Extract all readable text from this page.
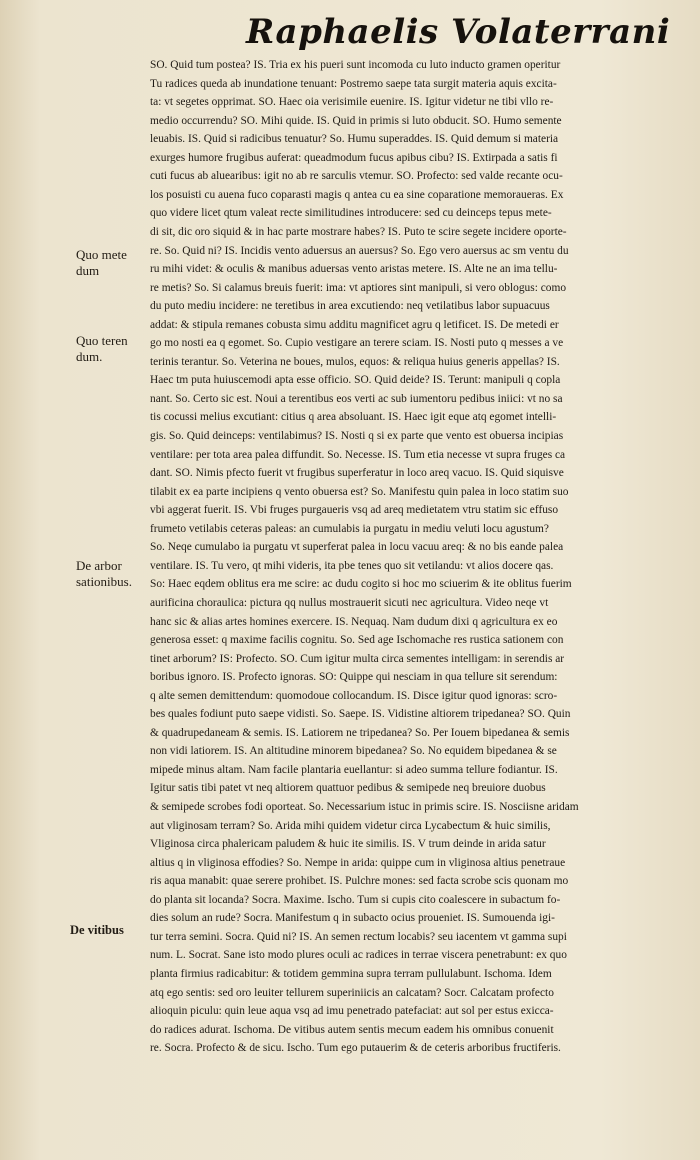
Raphaelis Volaterrani
Quo mete dum
Quo teren dum.
De arbor sationibus.
De vitibus
SO. Quid tum postea? IS. Tria ex his pueri sunt incomoda cu luto inducto gramen operitur
Tu radices queda ab inundatione tenuant: Postremo saepe tata surgit materia aquis excita-
ta: vt segetes opprimat. SO. Haec oia verisimile euenire. IS. Igitur videtur ne tibi vllo re-
medio occurrendu? SO. Mihi quide. IS. Quid in primis si luto obducit. SO. Humo semente
leuabis. IS. Quid si radicibus tenuatur? So. Humu superaddes. IS. Quid demum si materia
exurges humore frugibus auferat: queadmodum fucus apibus cibu? IS. Extirpada a satis fi
cuti fucus ab aluearibus: igit no ab re sarculis vtemur. SO. Profecto: sed valde recante ocu-
los posuisti cu auena fuco coparasti magis q antea cu ea sine coparatione memoraueras. Ex
quo videre licet qtum valeat recte similitudines introducere: sed cu deinceps tepus mete-
di sit, dic oro siquid & in hac parte mostrare habes? IS. Puto te scire segete incidere oporte-
re. So. Quid ni? IS. Incidis vento aduersus an auersus? So. Ego vero auersus ac sm ventu du
ru mihi videt: & oculis & manibus aduersas vento aristas metere. IS. Alte ne an ima tellu-
re metis? So. Si calamus breuis fuerit: ima: vt aptiores sint manipuli, si vero oblogus: como
du puto mediu incidere: ne teretibus in area excutiendo: neq vetilatibus labor supuacuus
addat: & stipula remanes cobusta simu additu magnificet agru q letificet. IS. De metedi er
go mo nosti ea q egomet. So. Cupio vestigare an terere sciam. IS. Nosti puto q messes a ve
terinis terantur. So. Veterina ne boues, mulos, equos: & reliqua huius generis appellas? IS.
Haec tm puta huiuscemodi apta esse officio. SO. Quid deide? IS. Terunt: manipuli q copla
nant. So. Certo sic est. Noui a terentibus eos verti ac sub iumentoru pedibus iniici: vt no sa
tis cocussi melius excutiant: citius q area absoluant. IS. Haec igit eque atq egomet intelli-
gis. So. Quid deinceps: ventilabimus? IS. Nosti q si ex parte que vento est obuersa incipias
ventilare: per tota area palea diffundit. So. Necesse. IS. Tum etia necesse vt supra fruges ca
dant. SO. Nimis pfecto fuerit vt frugibus superferatur in loco areq vacuo. IS. Quid siquisve
tilabit ex ea parte incipiens q vento obuersa est? So. Manifestu quin palea in loco statim suo
vbi aggerat fuerit. IS. Vbi fruges purgaueris vsq ad areq medietatem vtru statim sic effuso
frumeto vetilabis ceteras paleas: an cumulabis ia purgatu in mediu veluti locu agustum?
So. Neqe cumulabo ia purgatu vt superferat palea in locu vacuu areq: & no bis eande palea
ventilare. IS. Tu vero, qt mihi videris, ita pbe tenes quo sit vetilandu: vt alios docere qas.
So: Haec eqdem oblitus era me scire: ac dudu cogito si hoc mo sciuerim & ite oblitus fuerim
aurificina choraulica: pictura qq nullus mostrauerit sicuti nec agricultura. Video neqe vt
hanc sic & alias artes homines exercere. IS. Nequaq. Nam dudum dixi q agricultura ex eo
generosa esset: q maxime facilis cognitu. So. Sed age Ischomache res rustica sationem con
tinet arborum? IS: Profecto. SO. Cum igitur multa circa sementes intelligam: in serendis ar
boribus ignoro. IS. Profecto ignoras. SO: Quippe qui nesciam in qua tellure sit serendum:
q alte semen demittendum: quomodoue collocandum. IS. Disce igitur quod ignoras: scro-
bes quales fodiunt puto saepe vidisti. So. Saepe. IS. Vidistine altiorem tripedanea? SO. Quin
& quadrupedaneam & semis. IS. Latiorem ne tripedanea? So. Per Iouem bipedanea & semis
non vidi latiorem. IS. An altitudine minorem bipedanea? So. No equidem bipedanea & se
mipede minus altam. Nam facile plantaria euellantur: si adeo summa tellure fodiantur. IS.
Igitur satis tibi patet vt neq altiorem quattuor pedibus & semipede neq breuiore duobus
& semipede scrobes fodi oporteat. So. Necessarium istuc in primis scire. IS. Nosciisne aridam
aut vliginosam terram? So. Arida mihi quidem videtur circa Lycabectum & huic similis,
Vliginosa circa phalericam paludem & huic ite similis. IS. V trum deinde in arida satur
altius q in vliginosa effodies? So. Nempe in arida: quippe cum in vliginosa altius penetraue
ris aqua manabit: quae serere prohibet. IS. Pulchre mones: sed facta scrobe scis quonam mo
do planta sit locanda? Socra. Maxime. Ischo. Tum si cupis cito coalescere in subactum fo-
dies solum an rude? Socra. Manifestum q in subacto ocius proueniet. IS. Sumouenda igi-
tur terra semini. Socra. Quid ni? IS. An semen rectum locabis? seu iacentem vt gamma supi
num. L. Socrat. Sane isto modo plures oculi ac radices in terrae viscera penetrabunt: ex quo
planta firmius radicabitur: & totidem gemmina supra terram pullulabunt. Ischoma. Idem
atq ego sentis: sed oro leuiter tellurem superiniicis an calcatam? Socr. Calcatam profecto
alioquin piculu: quin leue aqua vsq ad imu penetrado patefaciat: aut sol per estus exicca-
do radices adurat. Ischoma. De vitibus autem sentis mecum eadem his omnibus conuenit
re. Socra. Profecto & de sicu. Ischo. Tum ego putauerim & de ceteris arboribus fructiferis.
